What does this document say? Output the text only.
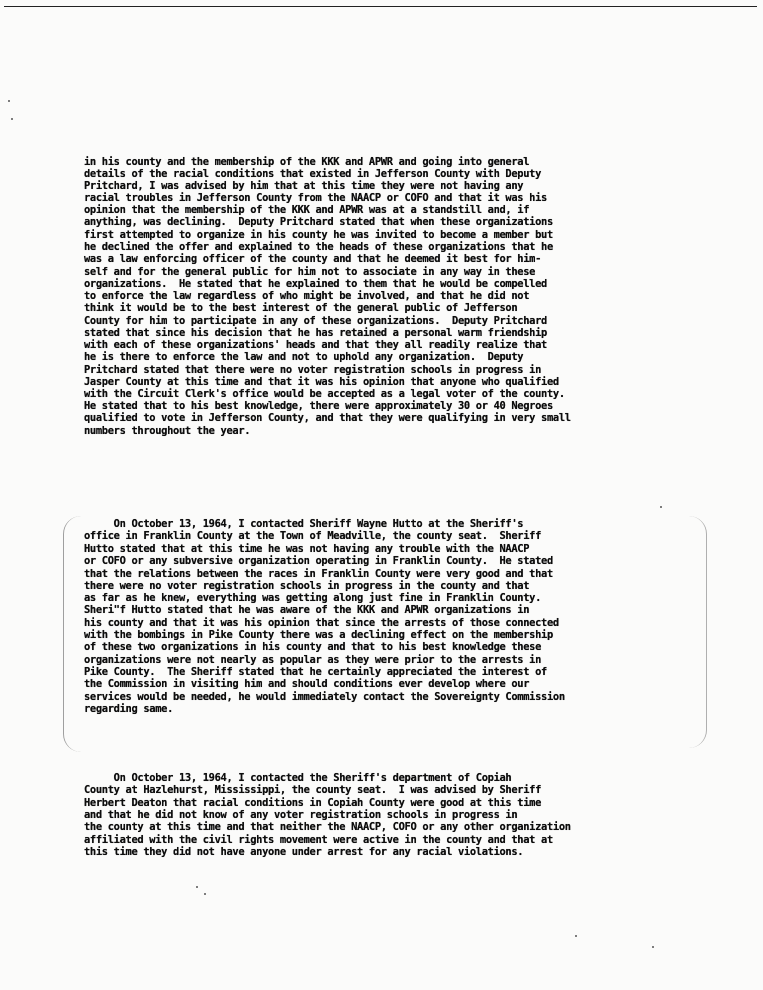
in his county and the membership of the KKK and APWR and going into general
details of the racial conditions that existed in Jefferson County with Deputy
Pritchard, I was advised by him that at this time they were not having any
racial troubles in Jefferson County from the NAACP or COFO and that it was his
opinion that the membership of the KKK and APWR was at a standstill and, if
anything, was declining.  Deputy Pritchard stated that when these organizations
first attempted to organize in his county he was invited to become a member but
he declined the offer and explained to the heads of these organizations that he
was a law enforcing officer of the county and that he deemed it best for him-
self and for the general public for him not to associate in any way in these
organizations.  He stated that he explained to them that he would be compelled
to enforce the law regardless of who might be involved, and that he did not
think it would be to the best interest of the general public of Jefferson
County for him to participate in any of these organizations.  Deputy Pritchard
stated that since his decision that he has retained a personal warm friendship
with each of these organizations' heads and that they all readily realize that
he is there to enforce the law and not to uphold any organization.  Deputy
Pritchard stated that there were no voter registration schools in progress in
Jasper County at this time and that it was his opinion that anyone who qualified
with the Circuit Clerk's office would be accepted as a legal voter of the county.
He stated that to his best knowledge, there were approximately 30 or 40 Negroes
qualified to vote in Jefferson County, and that they were qualifying in very small
numbers throughout the year.
On October 13, 1964, I contacted Sheriff Wayne Hutto at the Sheriff's
office in Franklin County at the Town of Meadville, the county seat.  Sheriff
Hutto stated that at this time he was not having any trouble with the NAACP
or COFO or any subversive organization operating in Franklin County.  He stated
that the relations between the races in Franklin County were very good and that
there were no voter registration schools in progress in the county and that
as far as he knew, everything was getting along just fine in Franklin County.
Sheri"f Hutto stated that he was aware of the KKK and APWR organizations in
his county and that it was his opinion that since the arrests of those connected
with the bombings in Pike County there was a declining effect on the membership
of these two organizations in his county and that to his best knowledge these
organizations were not nearly as popular as they were prior to the arrests in
Pike County.  The Sheriff stated that he certainly appreciated the interest of
the Commission in visiting him and should conditions ever develop where our
services would be needed, he would immediately contact the Sovereignty Commission
regarding same.
On October 13, 1964, I contacted the Sheriff's department of Copiah
County at Hazlehurst, Mississippi, the county seat.  I was advised by Sheriff
Herbert Deaton that racial conditions in Copiah County were good at this time
and that he did not know of any voter registration schools in progress in
the county at this time and that neither the NAACP, COFO or any other organization
affiliated with the civil rights movement were active in the county and that at
this time they did not have anyone under arrest for any racial violations.
